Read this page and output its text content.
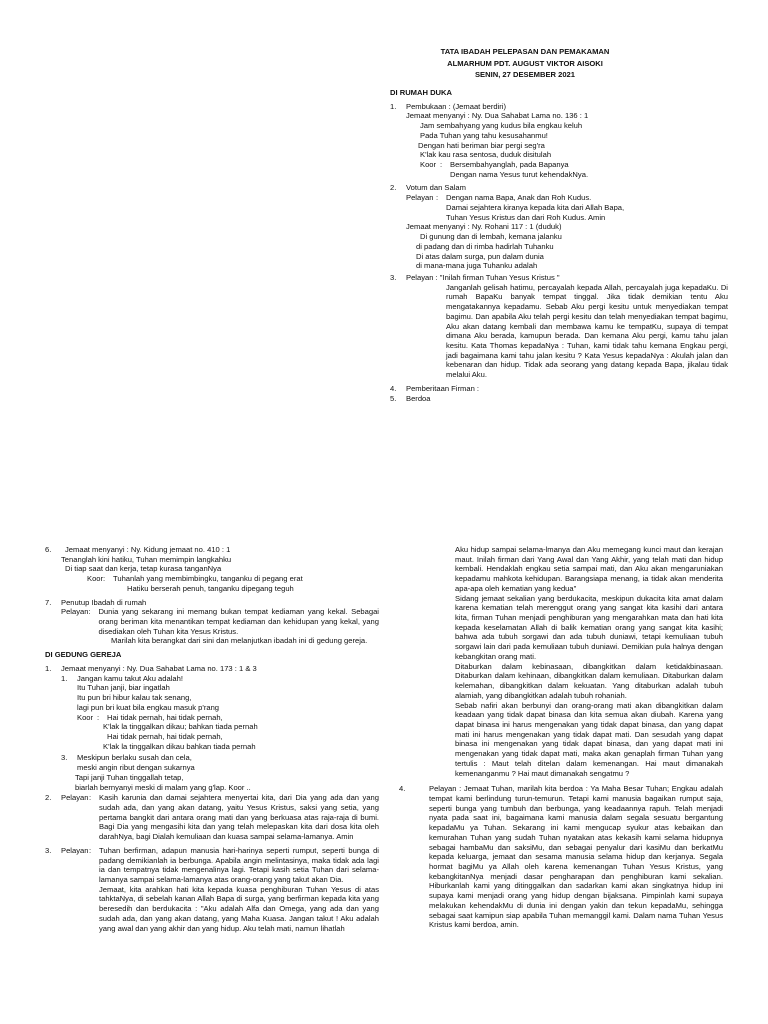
TATA IBADAH PELEPASAN DAN PEMAKAMAN

ALMARHUM PDT. AUGUST VIKTOR AISOKI

SENIN, 27 DESEMBER 2021

DI RUMAH DUKA

1.	Pembukaan : (Jemaat berdiri)

Jemaat menyanyi : Ny. Dua Sahabat Lama no. 136 : 1

Jam sembahyang yang kudus bila engkau keluh

Pada Tuhan yang tahu kesusahanmu!

Dengan hati beriman biar pergi seg'ra

K'lak kau rasa sentosa, duduk disitulah

Koor :	Bersembahyanglah, pada Bapanya

Dengan nama Yesus turut kehendakNya.

2.	Votum dan Salam
Pelayan :	Dengan nama Bapa, Anak dan Roh Kudus.

Damai sejahtera kiranya kepada kita dari Allah Bapa,

Tuhan Yesus Kristus dan dari Roh Kudus. Amin

Jemaat menyanyi : Ny. Rohani 117 : 1 (duduk)

Di gunung dan di lembah, kemana jalanku

di padang dan di rimba hadirlah Tuhanku

Di atas dalam surga, pun dalam dunia

di mana-mana juga Tuhanku adalah

3.	Pelayan : "Inilah firman Tuhan Yesus Kristus "

Janganlah gelisah hatimu, percayalah kepada Allah, percayalah juga kepadaKu. Di rumah BapaKu banyak tempat tinggal. Jika tidak demikian tentu Aku mengatakannya kepadamu. Sebab Aku pergi kesitu untuk menyediakan tempat bagimu. Dan apabila Aku telah pergi kesitu dan telah menyediakan tempat bagimu, Aku akan datang kembali dan membawa kamu ke tempatKu, supaya di tempat dimana Aku berada, kamupun berada. Dan kemana Aku pergi, kamu tahu jalan kesitu. Kata Thomas kepadaNya : Tuhan, kami tidak tahu kemana Engkau pergi, jadi bagaimana kami tahu jalan kesitu ? Kata Yesus kepadaNya : Akulah jalan dan kebenaran dan hidup. Tidak ada seorang yang datang kepada Bapa, jikalau tidak melalui Aku.

4.	Pemberitaan Firman :
5.	Berdoa
6.	Jemaat menyanyi : Ny. Kidung jemaat no. 410 : 1

Tenanglah kini hatiku, Tuhan memimpin langkahku

Di tiap saat dan kerja, tetap kurasa tanganNya

Koor :	Tuhanlah yang membimbingku, tanganku di pegang erat

Hatiku berserah penuh, tanganku dipegang teguh

7.	Penutup Ibadah di rumah
Pelayan :	Dunia yang sekarang ini memang bukan tempat kediaman yang kekal. Sebagai orang beriman kita menantikan tempat kediaman dan kehidupan yang kekal, yang disediakan oleh Tuhan kita Yesus Kristus.

Marilah kita berangkat dari sini dan melanjutkan ibadah ini di gedung gereja.

DI GEDUNG GEREJA

1.	Jemaat menyanyi : Ny. Dua Sahabat Lama no. 173 : 1 & 3
1.	Jangan kamu takut Aku adalah!

Itu Tuhan janji, biar ingatlah

Itu pun bri hibur kalau tak senang,

lagi pun bri kuat bila engkau masuk p'rang

Koor :	Hai tidak pernah, hai tidak pernah,

K'lak la tinggalkan dikau; bahkan tiada pernah

Hai tidak pernah, hai tidak pernah,

K'lak la tinggalkan dikau bahkan tiada pernah

3.	Meskipun berlaku susah dan cela,

meski angin ribut dengan sukarnya

Tapi janji Tuhan tinggallah tetap,

biarlah bernyanyi meski di malam yang g'lap. Koor ..

2.	Pelayan :	Kasih karunia dan damai sejahtera menyertai kita, dari Dia yang ada dan yang sudah ada, dan yang akan datang, yaitu Yesus Kristus, saksi yang setia, yang pertama bangkit dari antara orang mati dan yang berkuasa atas raja-raja di bumi. Bagi Dia yang mengasihi kita dan yang telah melepaskan kita dari dosa kita oleh darahNya, bagi Dialah kemuliaan dan kuasa sampai selama-lamanya. Amin
3.	Pelayan :	Tuhan berfirman, adapun manusia hari-harinya seperti rumput, seperti bunga di padang demikianlah ia berbunga. Apabila angin melintasinya, maka tidak ada lagi ia dan tempatnya tidak mengenalinya lagi. Tetapi kasih setia Tuhan dari selama-lamanya sampai selama-lamanya atas orang-orang yang takut akan Dia.

Jemaat, kita arahkan hati kita kepada kuasa penghiburan Tuhan Yesus di atas tahktaNya, di sebelah kanan Allah Bapa di surga, yang berfirman kepada kita yang beresedih dan berdukacita : "Aku adalah Alfa dan Omega, yang ada dan yang sudah ada, dan yang akan datang, yang Maha Kuasa. Jangan takut ! Aku adalah yang awal dan yang akhir dan yang hidup. Aku telah mati, namun lihatlah

Aku hidup sampai selama-lmanya dan Aku memegang kunci maut dan kerajan maut. Inilah firman dari Yang Awal dan Yang Akhir, yang telah mati dan hidup kembali. Hendaklah engkau setia sampai mati, dan Aku akan mengaruniakan kepadamu mahkota kehidupan. Barangsiapa menang, ia tidak akan menderita apa-apa oleh kematian yang kedua"

Sidang jemaat sekalian yang berdukacita, meskipun dukacita kita amat dalam karena kematian telah merenggut orang yang sangat kita kasihi dari antara kita, firman Tuhan menjadi penghiburan yang mengarahkan mata dan hati kita kepada keselamatan Allah di balik kematian orang yang sangat kita kasihi; bahwa ada tubuh sorgawi dan ada tubuh duniawi, tetapi kemuliaan tubuh sorgawi lain dari pada kemuliaan tubuh duniawi. Demikian pula halnya dengan kebangkitan orang mati.

Ditaburkan dalam kebinasaan, dibangkitkan dalam ketidakbinasaan. Ditaburkan dalam kehinaan, dibangkitkan dalam kemuliaan. Ditaburkan dalam kelemahan, dibangkitkan dalam kekuatan. Yang ditaburkan adalah tubuh alamiah, yang dibangkitkan adalah tubuh rohaniah.

Sebab nafiri akan berbunyi dan orang-orang mati akan dibangkitkan dalam keadaan yang tidak dapat binasa dan kita semua akan diubah. Karena yang dapat binasa ini harus mengenakan yang tidak dapat binasa, dan yang dapat mati ini harus mengenakan yang tidak dapat mati. Dan sesudah yang dapat binasa ini mengenakan yang tidak dapat binasa, dan yang dapat mati ini mengenakan yang tidak dapat mati, maka akan genaplah firman Tuhan yang tertulis : Maut telah ditelan dalam kemenangan. Hai maut dimanakah kemenanganmu ? Hai maut dimanakah sengatmu ?

4.	Pelayan : Jemaat Tuhan, marilah kita berdoa : Ya Maha Besar Tuhan; Engkau adalah tempat kami berlindung turun-temurun. Tetapi kami manusia bagaikan rumput saja, seperti bunga yang tumbuh dan berbunga, yang keadaannya rapuh. Telah menjadi nyata pada saat ini, bagaimana kami manusia dalam segala sesuatu bergantung kepadaMu ya Tuhan. Sekarang ini kami mengucap syukur atas kebaikan dan kemurahan Tuhan yang sudah Tuhan nyatakan atas kekasih kami selama hidupnya sebagai hambaMu dan saksiMu, dan sebagai penyalur dari kasiMu dan berkatMu kepada keluarga, jemaat dan sesama manusia selama hidup dan kerjanya. Segala hormat bagiMu ya Allah oleh karena kemenangan Tuhan Yesus Kristus, yang kebangkitanNya menjadi dasar pengharapan dan penghiburan kami sekalian. Hiburkanlah kami yang ditinggalkan dan sadarkan kami akan singkatnya hidup ini supaya kami menjadi orang yang hidup dengan bijaksana. Pimpinlah kami supaya melakukan kehendakMu di dunia ini dengan yakin dan tekun kepadaMu, sehingga sebagai saat kamipun siap apabila Tuhan memanggil kami. Dalam nama Tuhan Yesus Kristus kami berdoa, amin.
